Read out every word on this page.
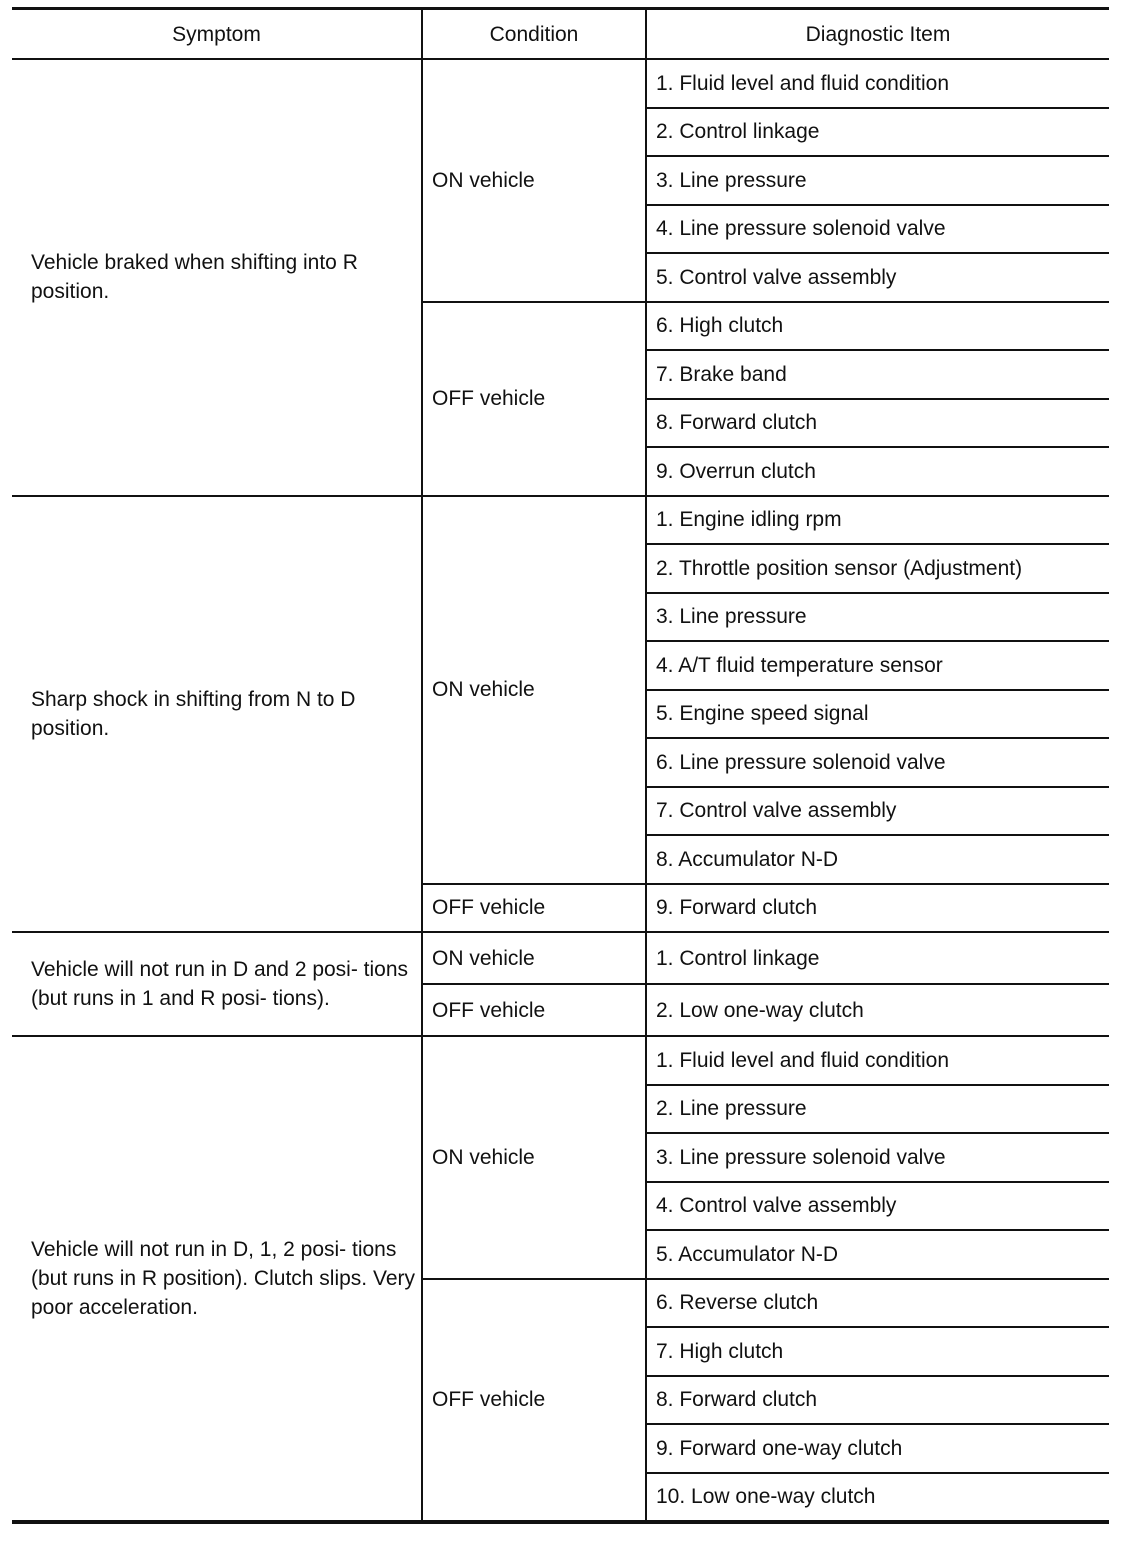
Symptom	Condition	Diagnostic Item
Vehicle braked when shifting into R position.	ON vehicle	1. Fluid level and fluid condition
		2. Control linkage
		3. Line pressure
		4. Line pressure solenoid valve
		5. Control valve assembly
	OFF vehicle	6. High clutch
		7. Brake band
		8. Forward clutch
		9. Overrun clutch
Sharp shock in shifting from N to D position.	ON vehicle	1. Engine idling rpm
		2. Throttle position sensor (Adjustment)
		3. Line pressure
		4. A/T fluid temperature sensor
		5. Engine speed signal
		6. Line pressure solenoid valve
		7. Control valve assembly
		8. Accumulator N-D
	OFF vehicle	9. Forward clutch
Vehicle will not run in D and 2 posi- tions (but runs in 1 and R posi- tions).	ON vehicle	1. Control linkage
	OFF vehicle	2. Low one-way clutch
Vehicle will not run in D, 1, 2 posi- tions (but runs in R position). Clutch slips. Very poor acceleration.	ON vehicle	1. Fluid level and fluid condition
		2. Line pressure
		3. Line pressure solenoid valve
		4. Control valve assembly
		5. Accumulator N-D
	OFF vehicle	6. Reverse clutch
		7. High clutch
		8. Forward clutch
		9. Forward one-way clutch
		10. Low one-way clutch
